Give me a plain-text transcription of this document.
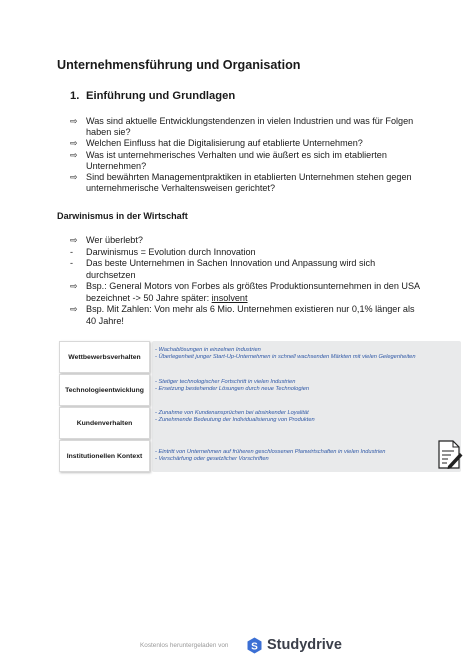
Unternehmensführung und Organisation
1. Einführung und Grundlagen
⇨ Was sind aktuelle Entwicklungstendenzen in vielen Industrien und was für Folgen haben sie?
⇨ Welchen Einfluss hat die Digitalisierung auf etablierte Unternehmen?
⇨ Was ist unternehmerisches Verhalten und wie äußert es sich im etablierten Unternehmen?
⇨ Sind bewährten Managementpraktiken in etablierten Unternehmen stehen gegen unternehmerische Verhaltensweisen gerichtet?
Darwinismus in der Wirtschaft
⇨ Wer überlebt?
-	Darwinismus = Evolution durch Innovation
-	Das beste Unternehmen in Sachen Innovation und Anpassung wird sich durchsetzen
⇨ Bsp.: General Motors von Forbes als größtes Produktionsunternehmen in den USA bezeichnet -> 50 Jahre später: insolvent
⇨ Bsp. Mit Zahlen: Von mehr als 6 Mio. Unternehmen existieren nur 0,1% länger als 40 Jahre!
Wettbewerbsverhalten
- Wachablösungen in einzelnen Industrien
- Überlegenheit junger Start-Up-Unternehmen in schnell wachsenden Märkten mit vielen Gelegenheiten
Technologieentwicklung
- Stetiger technologischer Fortschritt in vielen Industrien
- Ersetzung bestehender Lösungen durch neue Technologien
Kundenverhalten
- Zunahme von Kundenansprüchen bei absinkender Loyalität
- Zunehmende Bedeutung der Individualisierung von Produkten
Institutionellen Kontext
- Eintritt von Unternehmen auf früheren geschlossenen Planwirtschaften in vielen Industrien
- Verschärfung oder gesetzlicher Vorschriften
Kostenlos heruntergeladen von S Studydrive
